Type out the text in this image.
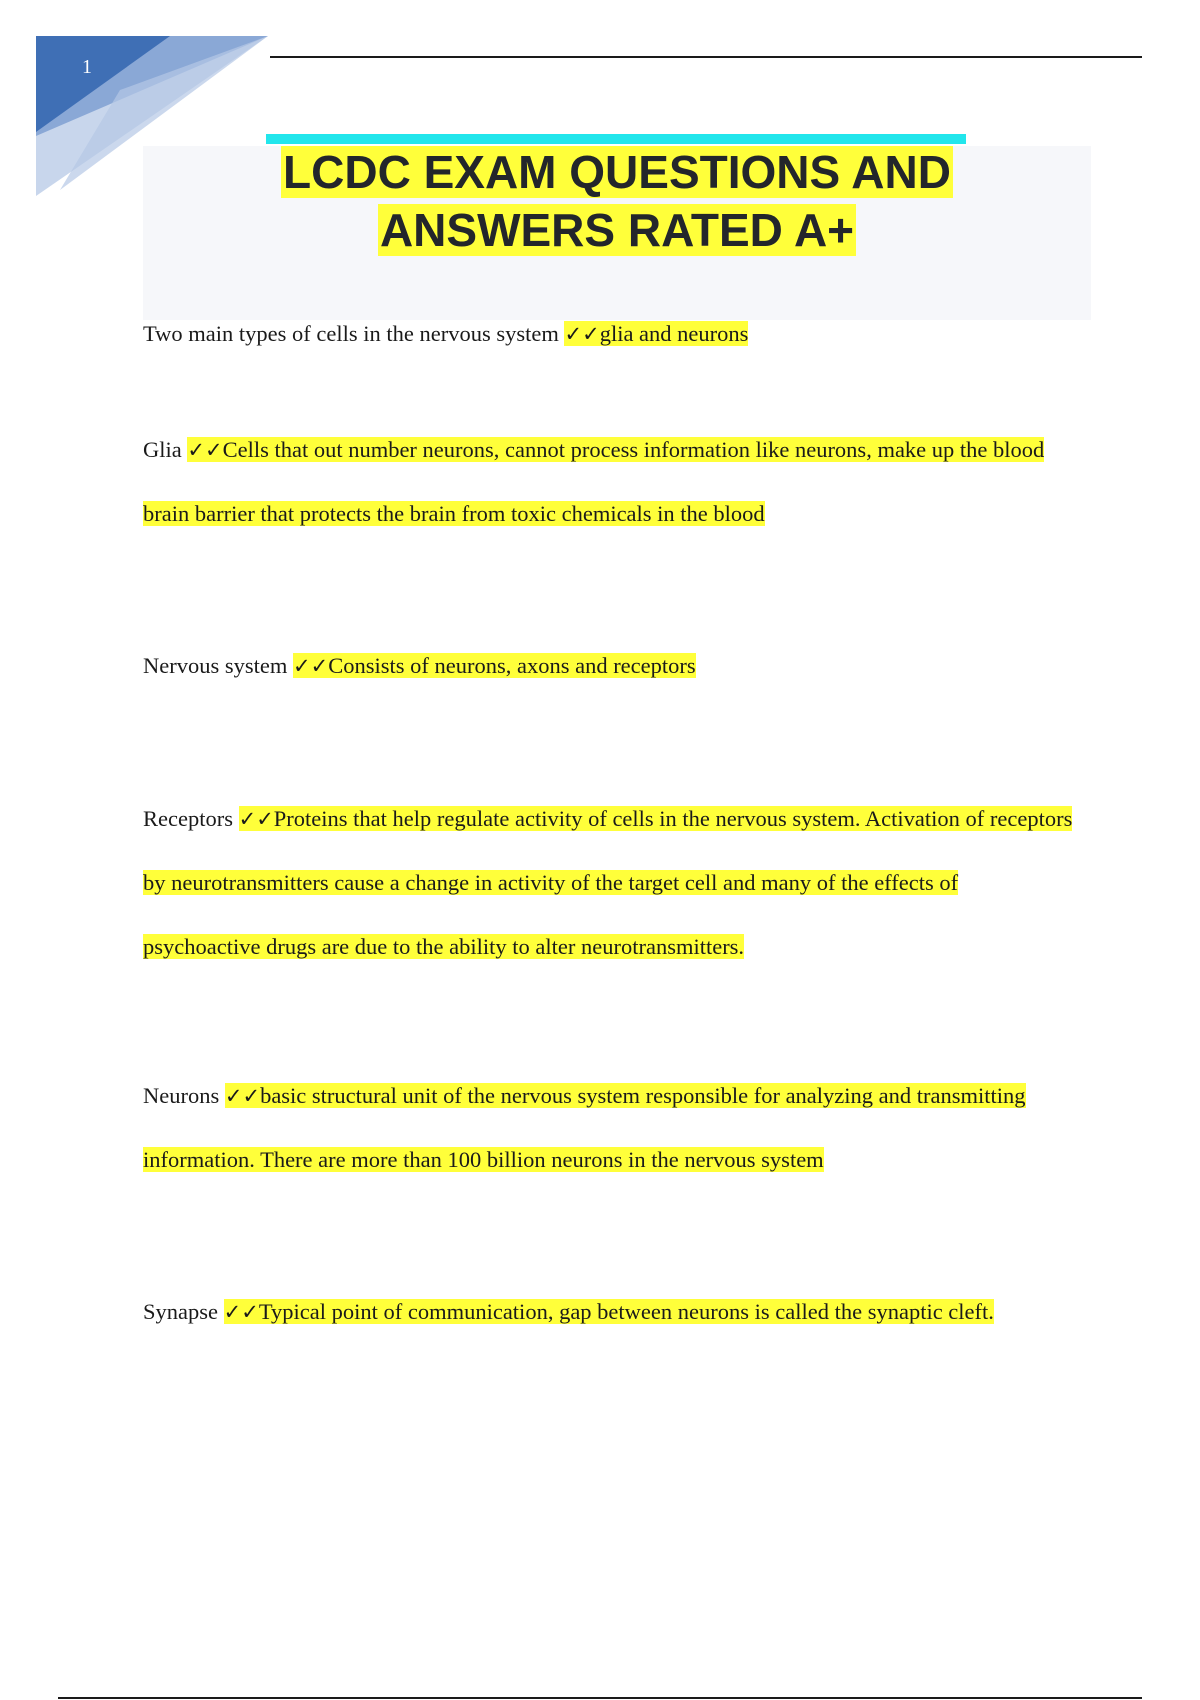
1
LCDC EXAM QUESTIONS AND
ANSWERS RATED A+

Two main types of cells in the nervous system ✓✓glia and neurons

Glia ✓✓Cells that out number neurons, cannot process information like neurons, make up the blood brain barrier that protects the brain from toxic chemicals in the blood

Nervous system ✓✓Consists of neurons, axons and receptors

Receptors ✓✓Proteins that help regulate activity of cells in the nervous system. Activation of receptors by neurotransmitters cause a change in activity of the target cell and many of the effects of psychoactive drugs are due to the ability to alter neurotransmitters.

Neurons ✓✓basic structural unit of the nervous system responsible for analyzing and transmitting information. There are more than 100 billion neurons in the nervous system

Synapse ✓✓Typical point of communication, gap between neurons is called the synaptic cleft.
